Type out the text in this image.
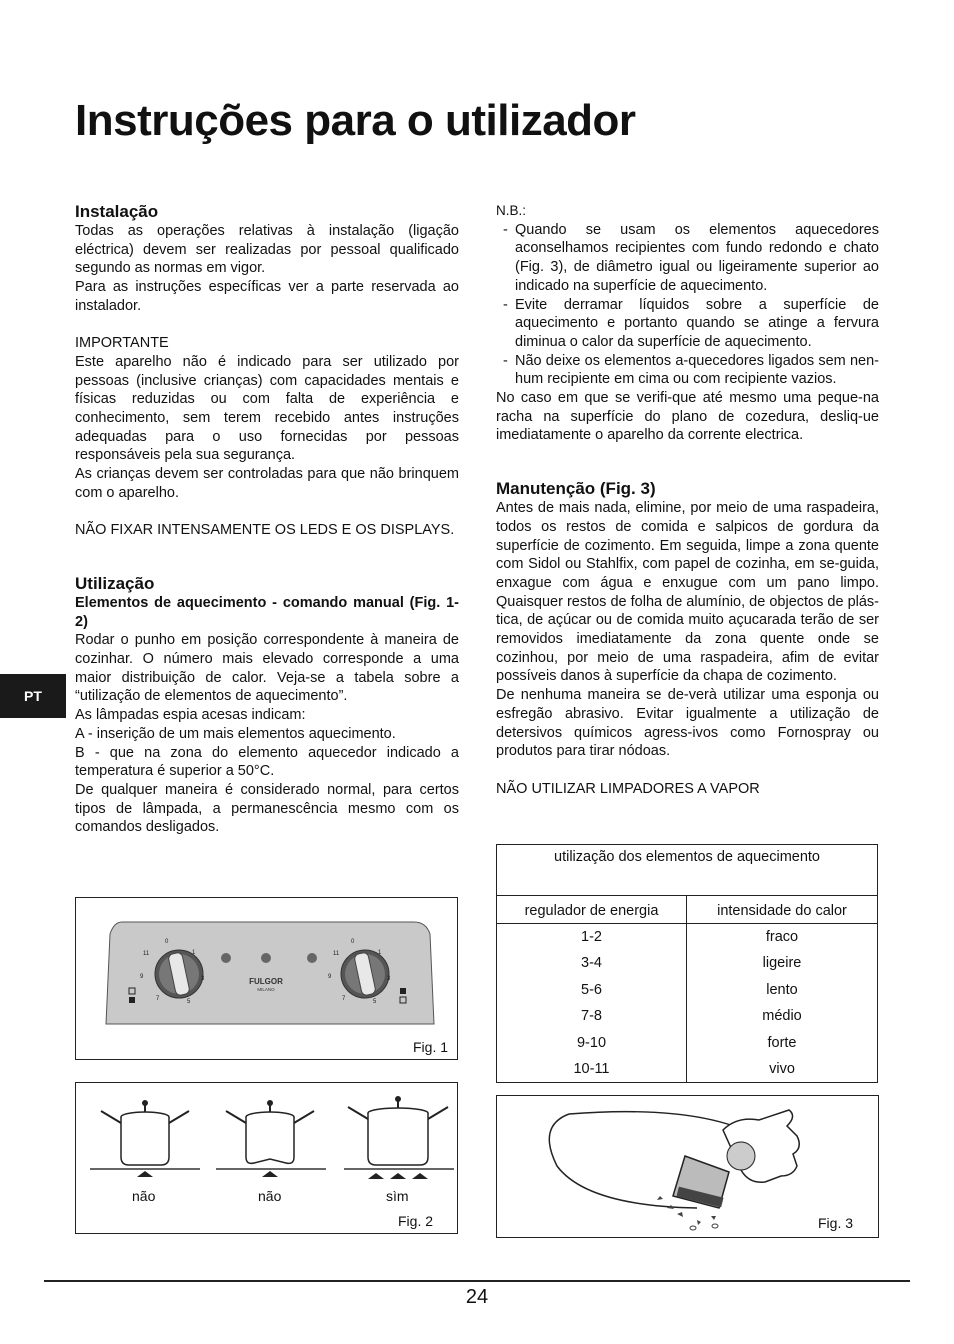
Instruções para o utilizador
PT
Instalação

Todas as operações relativas à instalação (ligação eléctrica) devem ser realizadas por pessoal qualificado segundo as normas em vigor.

Para as instruções específicas ver a parte reservada ao instalador.

IMPORTANTE

Este aparelho não é indicado para ser utilizado por pessoas (inclusive crianças) com capacidades mentais e físicas reduzidas ou com falta de experiência e conhecimento, sem terem recebido antes instruções adequadas para o uso fornecidas por pessoas responsáveis pela sua segurança.

As crianças devem ser controladas para que não brinquem com o aparelho.

NÃO FIXAR INTENSAMENTE OS LEDS E OS DISPLAYS.

Utilização

Elementos de aquecimento - comando manual (Fig. 1-2)

Rodar o punho em posição correspondente à maneira de cozinhar. O número mais elevado corresponde a uma maior distribuição de calor. Veja-se a tabela sobre a “utilização de elementos de aquecimento”.

As lâmpadas espia acesas indicam:

A - inserição de um mais elementos aquecimento.

B - que na zona do elemento aquecedor indicado a temperatura é superior a 50°C.

De qualquer maneira é considerado normal, para certos tipos de lâmpada, a permanescência mesmo com os comandos desligados.

N.B.:

- Quando se usam os elementos aquecedores aconselhamos recipientes com fundo redondo e chato (Fig. 3), de diâmetro igual ou ligeiramente superior ao indicado na superfície de aquecimento.
- Evite derramar líquidos sobre a superfície de aquecimento e portanto quando se atinge a fervura diminua o calor da superfície de aquecimento.
- Não deixe os elementos a-quecedores ligados sem nen-hum recipiente em cima ou com recipiente vazios.

No caso em que se verifi-que até mesmo uma peque-na racha na superfície do plano de cozedura, desliq-ue imediatamente o aparelho da corrente electrica.

Manutenção (Fig. 3)

Antes de mais nada, elimine, por meio de uma raspadeira, todos os restos de comida e salpicos de gordura da superfície de cozimento. Em seguida, limpe a zona quente com Sidol ou Stahlfix, com papel de cozinha, em se-guida, enxague com água e enxugue com um pano limpo. Quaisquer restos de folha de alumínio, de objectos de plás-tica, de açúcar ou de comida muito açucarada terão de ser removidos imediatamente da zona quente onde se cozinhou, por meio de uma raspadeira, afim de evitar possíveis danos à superfície da chapa de cozimento.

De nenhuma maneira se de-verà utilizar uma esponja ou esfregão abrasivo. Evitar igualmente a utilização de detersivos químicos agress-ivos como Fornospray ou produtos para tirar nódoas.

NÃO UTILIZAR LIMPADORES A VAPOR

utilização dos elementos de aquecimento	
regulador de energia	intensidade do calor
1-2	fraco
3-4	ligeire
5-6	lento
7-8	médio
9-10	forte
10-11	vivo
0
1
3
5
7
9
11
0
1
3
5
7
9
11
FULGOR
MILANO
Fig. 1
não	não	sìm
Fig. 2	Fig. 3
24
